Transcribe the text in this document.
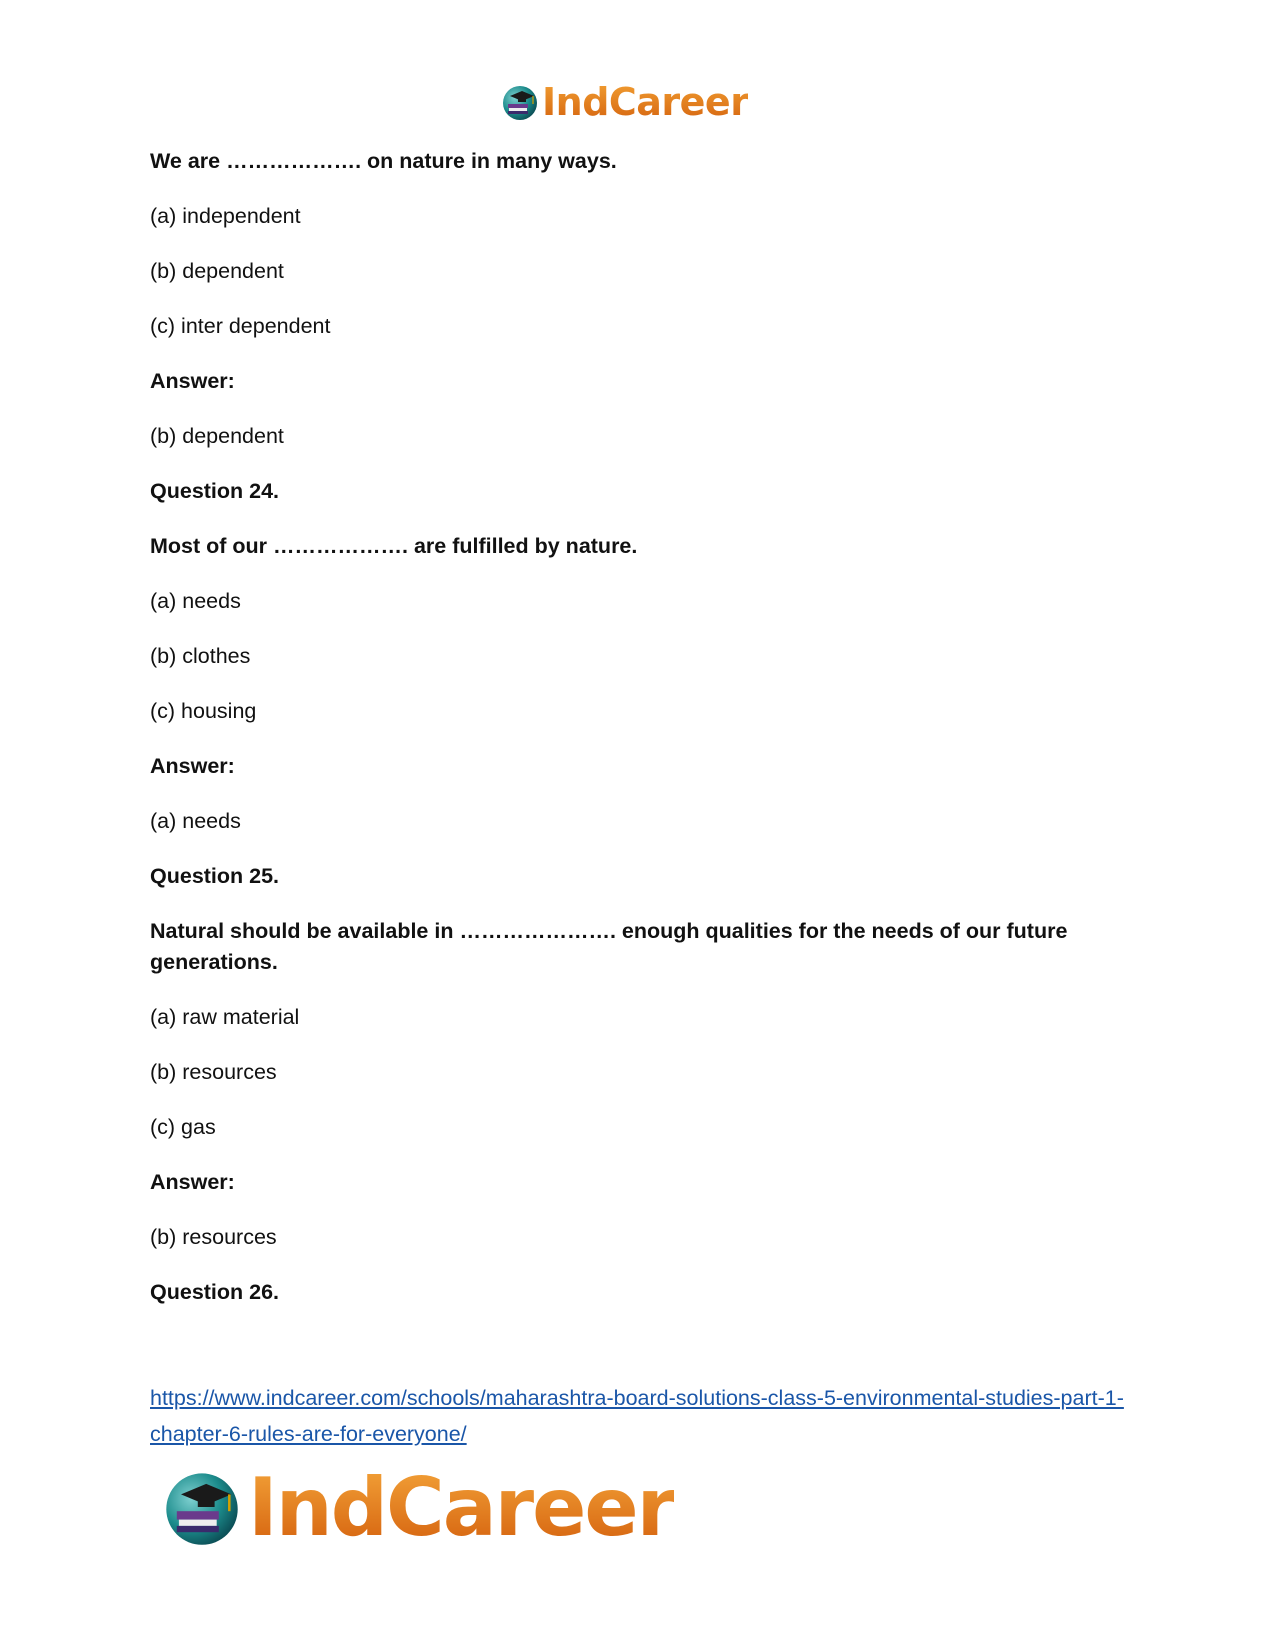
IndCareer

We are ………………. on nature in many ways.

(a) independent

(b) dependent

(c) inter dependent

Answer:

(b) dependent

Question 24.

Most of our ………………. are fulfilled by nature.

(a) needs

(b) clothes

(c) housing

Answer:

(a) needs

Question 25.

Natural should be available in …………………. enough qualities for the needs of our future generations.

(a) raw material

(b) resources

(c) gas

Answer:

(b) resources

Question 26.

https://www.indcareer.com/schools/maharashtra-board-solutions-class-5-environmental-studies-part-1-chapter-6-rules-are-for-everyone/
IndCareer
